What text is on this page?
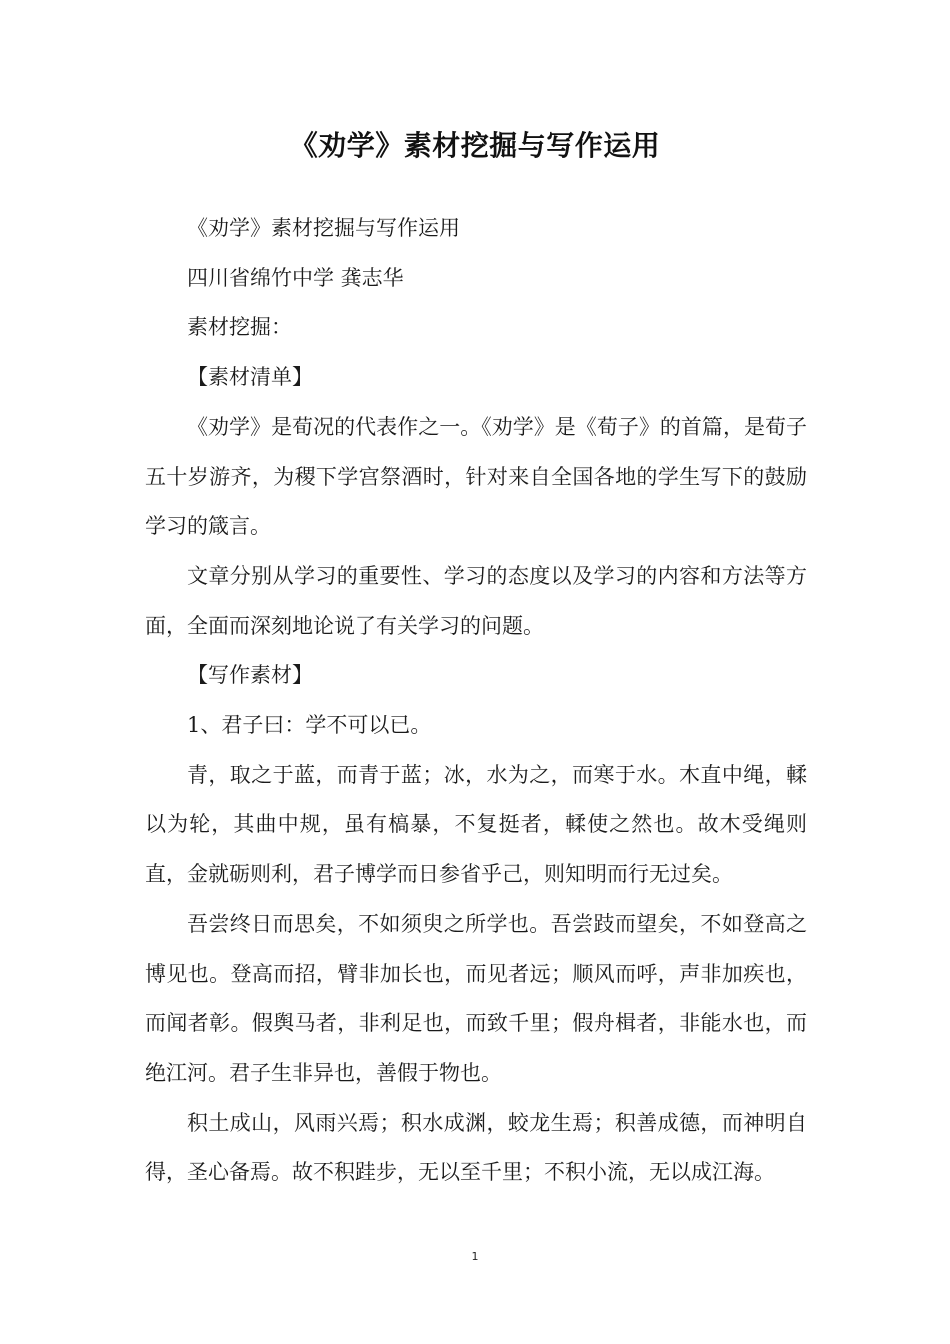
《劝学》素材挖掘与写作运用

《劝学》素材挖掘与写作运用

四川省绵竹中学 龚志华

素材挖掘：

【素材清单】

《劝学》是荀况的代表作之一。《劝学》是《荀子》的首篇，是荀子五十岁游齐，为稷下学宫祭酒时，针对来自全国各地的学生写下的鼓励学习的箴言。

文章分别从学习的重要性、学习的态度以及学习的内容和方法等方面，全面而深刻地论说了有关学习的问题。

【写作素材】

1、君子曰：学不可以已。

青，取之于蓝，而青于蓝；冰，水为之，而寒于水。木直中绳，輮以为轮，其曲中规，虽有槁暴，不复挺者，輮使之然也。故木受绳则直，金就砺则利，君子博学而日参省乎己，则知明而行无过矣。

吾尝终日而思矣，不如须臾之所学也。吾尝跂而望矣，不如登高之博见也。登高而招，臂非加长也，而见者远；顺风而呼，声非加疾也，而闻者彰。假舆马者，非利足也，而致千里；假舟楫者，非能水也，而绝江河。君子生非异也，善假于物也。

积土成山，风雨兴焉；积水成渊，蛟龙生焉；积善成德，而神明自得，圣心备焉。故不积跬步，无以至千里；不积小流，无以成江海。

1
